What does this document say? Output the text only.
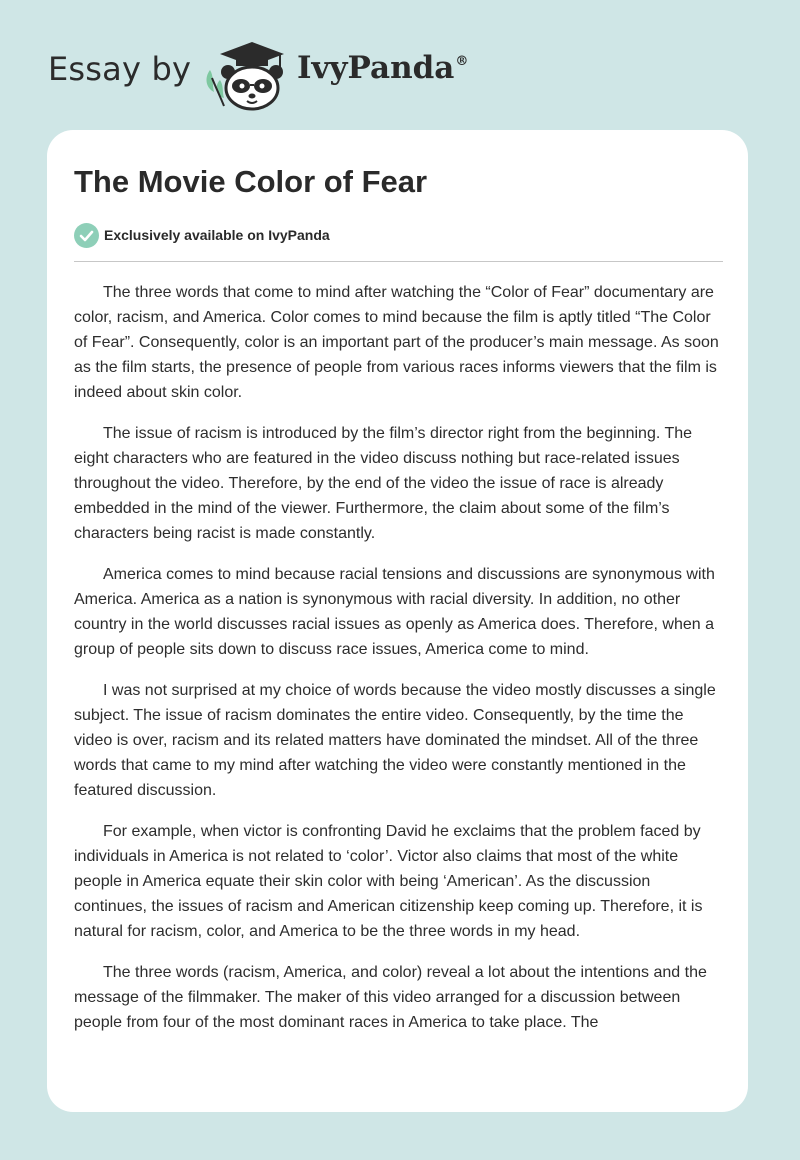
Essay by	IvyPanda®
The Movie Color of Fear
Exclusively available on IvyPanda

The three words that come to mind after watching the “Color of Fear” documentary are color, racism, and America. Color comes to mind because the film is aptly titled “The Color of Fear”. Consequently, color is an important part of the producer’s main message. As soon as the film starts, the presence of people from various races informs viewers that the film is indeed about skin color.

The issue of racism is introduced by the film’s director right from the beginning. The eight characters who are featured in the video discuss nothing but race-related issues throughout the video. Therefore, by the end of the video the issue of race is already embedded in the mind of the viewer. Furthermore, the claim about some of the film’s characters being racist is made constantly.

America comes to mind because racial tensions and discussions are synonymous with America. America as a nation is synonymous with racial diversity. In addition, no other country in the world discusses racial issues as openly as America does. Therefore, when a group of people sits down to discuss race issues, America come to mind.

I was not surprised at my choice of words because the video mostly discusses a single subject. The issue of racism dominates the entire video. Consequently, by the time the video is over, racism and its related matters have dominated the mindset. All of the three words that came to my mind after watching the video were constantly mentioned in the featured discussion.

For example, when victor is confronting David he exclaims that the problem faced by individuals in America is not related to ‘color’. Victor also claims that most of the white people in America equate their skin color with being ‘American’. As the discussion continues, the issues of racism and American citizenship keep coming up. Therefore, it is natural for racism, color, and America to be the three words in my head.

The three words (racism, America, and color) reveal a lot about the intentions and the message of the filmmaker. The maker of this video arranged for a discussion between people from four of the most dominant races in America to take place. The
